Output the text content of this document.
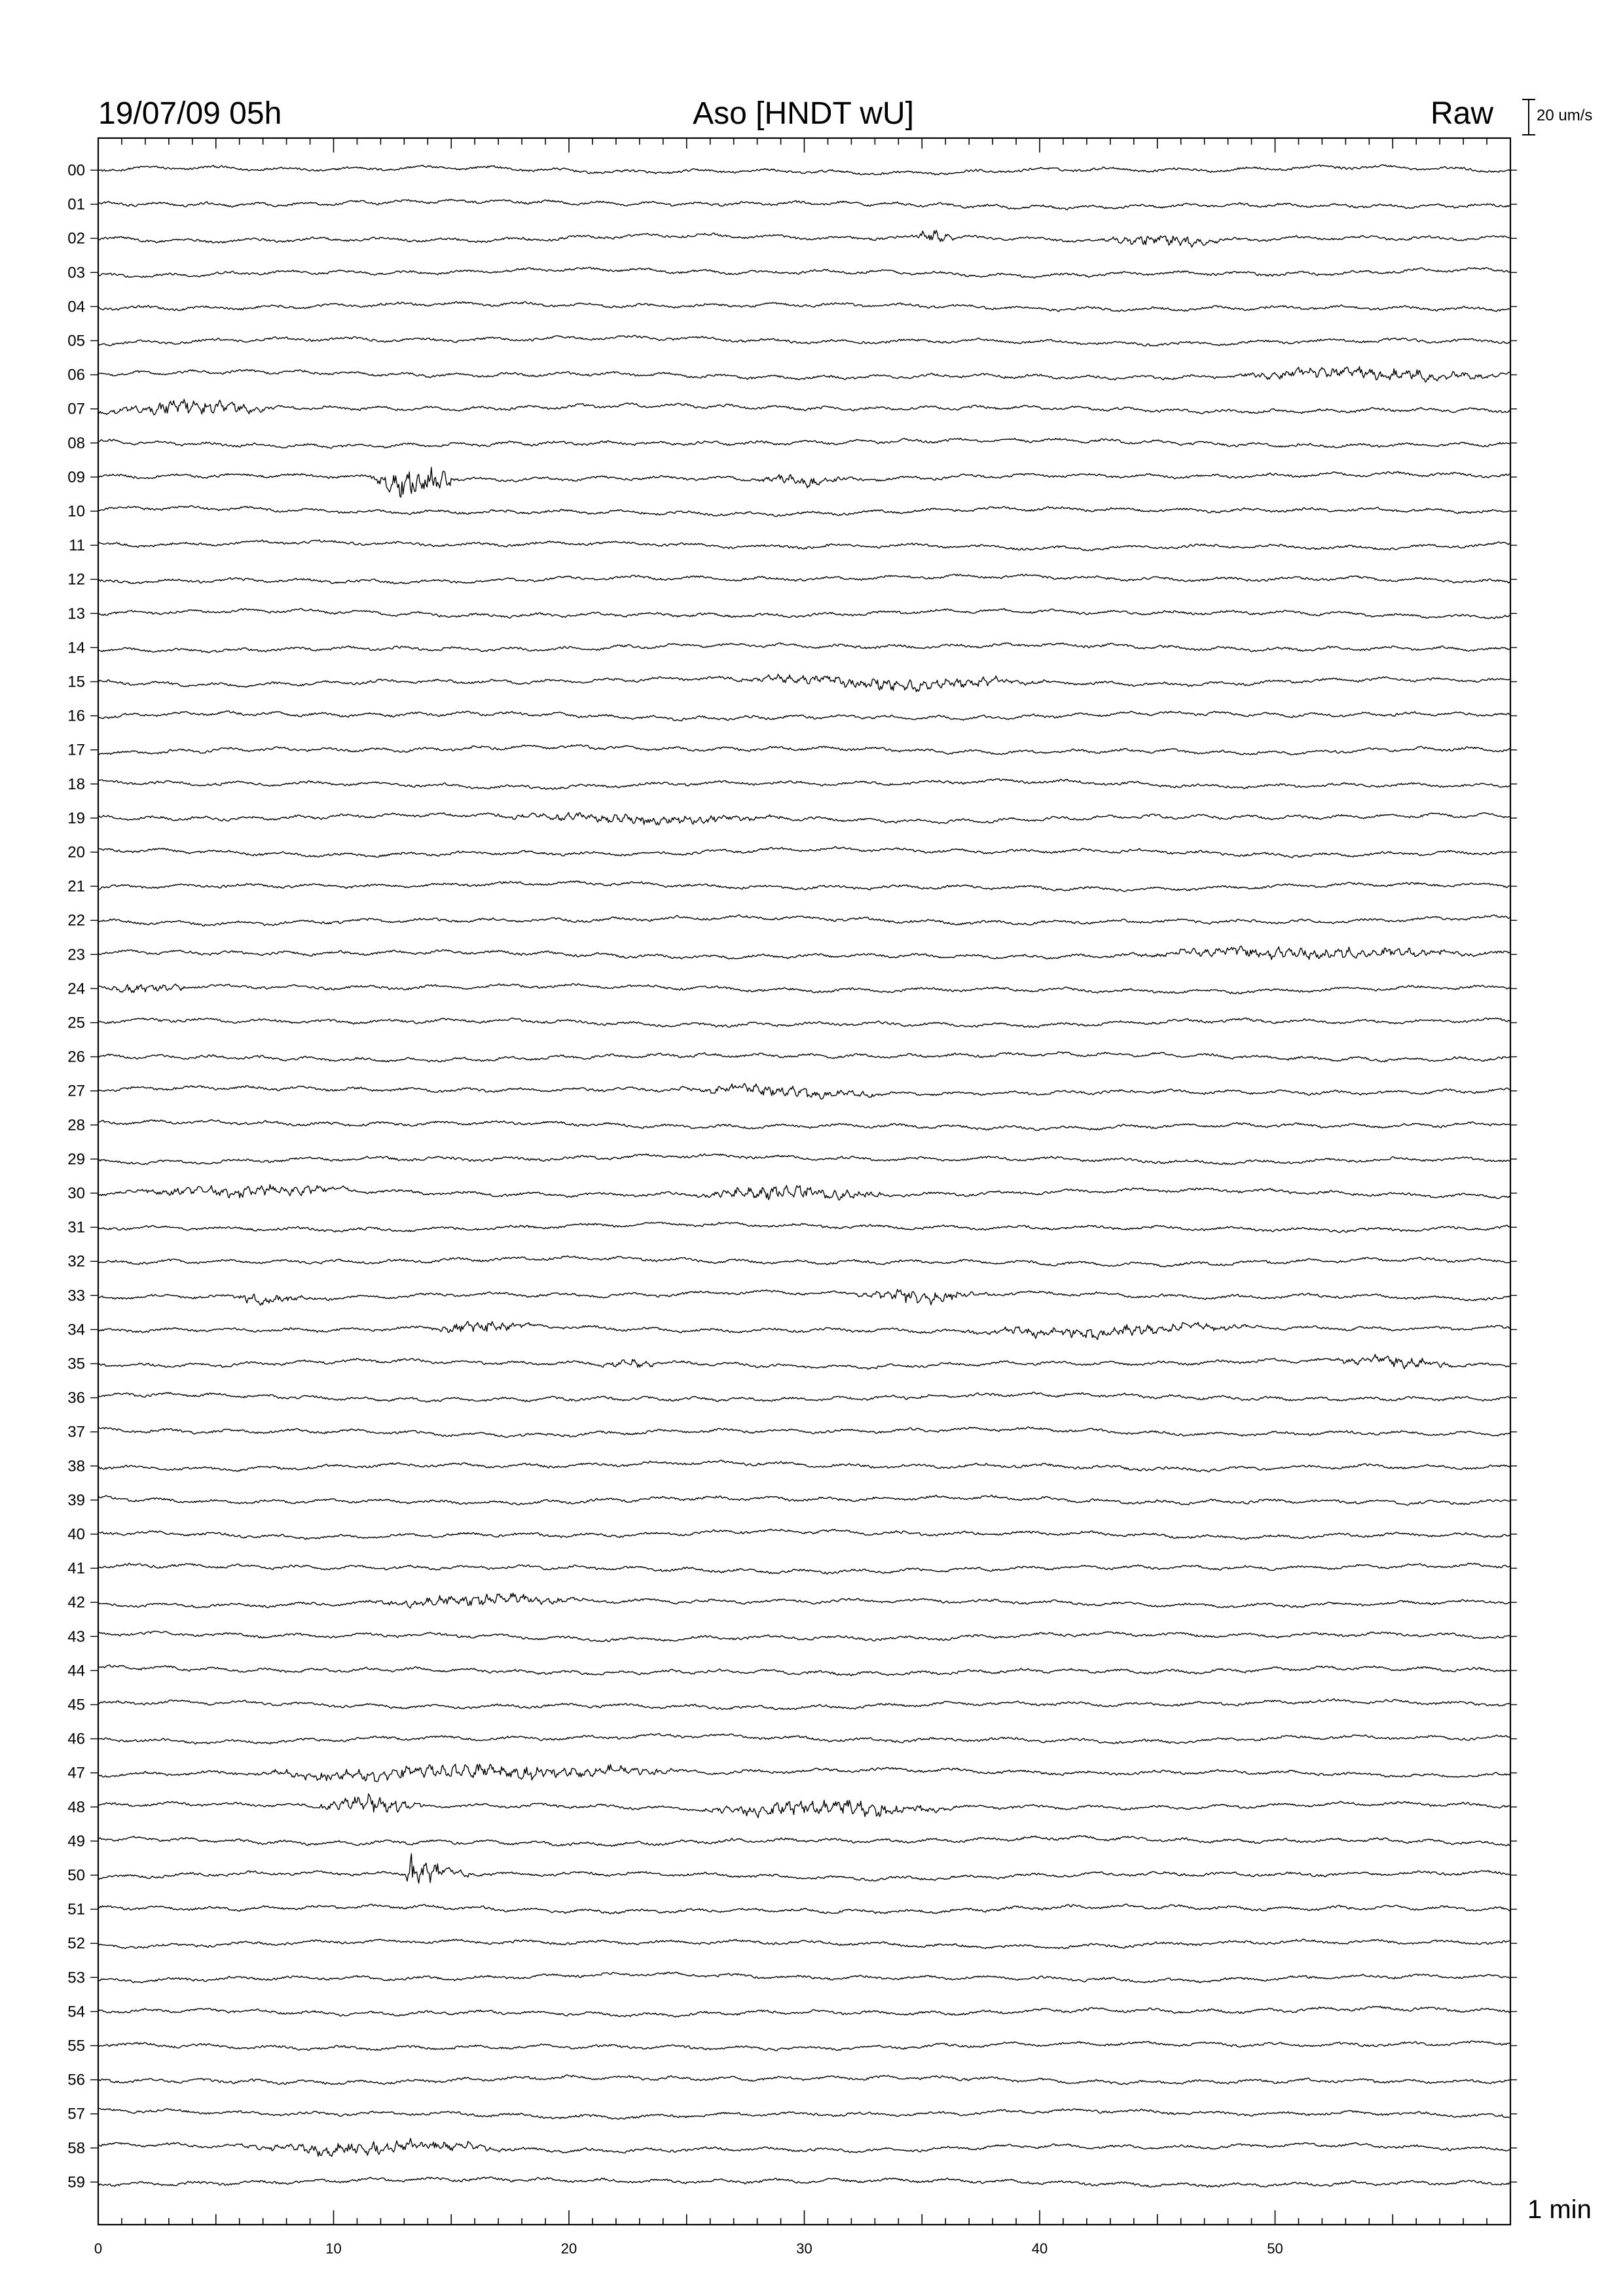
19/07/09 05h	Aso [HNDT wU]	Raw	20 um/s
1 min
00
01
02
03
04
05
06
07
08
09
10
11
12
13
14
15
16
17
18
19
20
21
22
23
24
25
26
27
28
29
30
31
32
33
34
35
36
37
38
39
40
41
42
43
44
45
46
47
48
49
50
51
52
53
54
55
56
57
58
59
0	10	20	30	40	50
